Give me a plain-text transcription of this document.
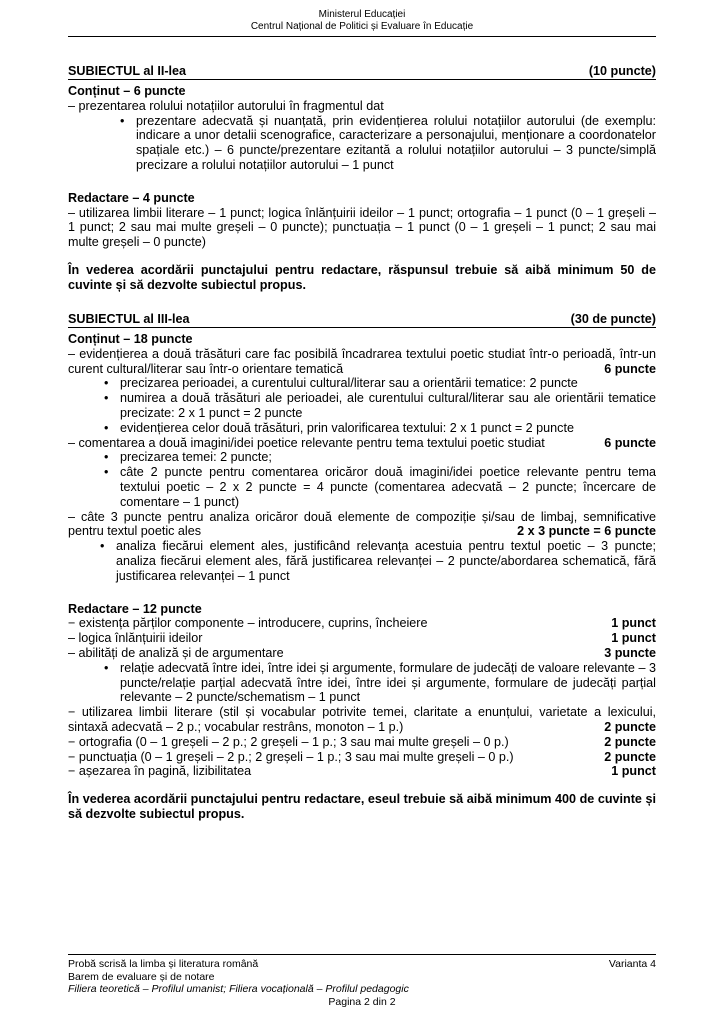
Ministerul Educației
Centrul Național de Politici și Evaluare în Educație
SUBIECTUL al II-lea	(10 puncte)
Conținut – 6 puncte
– prezentarea rolului notațiilor autorului în fragmentul dat
• prezentare adecvată și nuanțată, prin evidențierea rolului notațiilor autorului (de exemplu: indicare a unor detalii scenografice, caracterizare a personajului, menționare a coordonatelor spațiale etc.) – 6 puncte/prezentare ezitantă a rolului notațiilor autorului – 3 puncte/simplă precizare a rolului notațiilor autorului – 1 punct
Redactare – 4 puncte
– utilizarea limbii literare – 1 punct; logica înlănțuirii ideilor – 1 punct; ortografia – 1 punct (0 – 1 greșeli – 1 punct; 2 sau mai multe greșeli – 0 puncte); punctuația – 1 punct (0 – 1 greșeli – 1 punct; 2 sau mai multe greșeli – 0 puncte)
În vederea acordării punctajului pentru redactare, răspunsul trebuie să aibă minimum 50 de cuvinte și să dezvolte subiectul propus.
SUBIECTUL al III-lea	(30 de puncte)
Conținut – 18 puncte
– evidențierea a două trăsături care fac posibilă încadrarea textului poetic studiat într-o perioadă, într-un curent cultural/literar sau într-o orientare tematică	6 puncte
• precizarea perioadei, a curentului cultural/literar sau a orientării tematice: 2 puncte
• numirea a două trăsături ale perioadei, ale curentului cultural/literar sau ale orientării tematice precizate: 2 x 1 punct = 2 puncte
• evidențierea celor două trăsături, prin valorificarea textului: 2 x 1 punct = 2 puncte
– comentarea a două imagini/idei poetice relevante pentru tema textului poetic studiat	6 puncte
• precizarea temei: 2 puncte;
• câte 2 puncte pentru comentarea oricăror două imagini/idei poetice relevante pentru tema textului poetic – 2 x 2 puncte = 4 puncte (comentarea adecvată – 2 puncte; încercare de comentare – 1 punct)
– câte 3 puncte pentru analiza oricăror două elemente de compoziție și/sau de limbaj, semnificative pentru textul poetic ales	2 x 3 puncte = 6 puncte
• analiza fiecărui element ales, justificând relevanța acestuia pentru textul poetic – 3 puncte; analiza fiecărui element ales, fără justificarea relevanței – 2 puncte/abordarea schematică, fără justificarea relevanței – 1 punct
Redactare – 12 puncte
− existența părților componente – introducere, cuprins, încheiere	1 punct
– logica înlănțuirii ideilor	1 punct
– abilități de analiză și de argumentare	3 puncte
• relație adecvată între idei, între idei și argumente, formulare de judecăți de valoare relevante – 3 puncte/relație parțial adecvată între idei, între idei și argumente, formulare de judecăți parțial relevante – 2 puncte/schematism – 1 punct
− utilizarea limbii literare (stil și vocabular potrivite temei, claritate a enunțului, varietate a lexicului, sintaxă adecvată – 2 p.; vocabular restrâns, monoton – 1 p.)	2 puncte
− ortografia (0 – 1 greșeli – 2 p.; 2 greșeli – 1 p.; 3 sau mai multe greșeli – 0 p.)	2 puncte
− punctuația (0 – 1 greșeli – 2 p.; 2 greșeli – 1 p.; 3 sau mai multe greșeli – 0 p.)	2 puncte
− așezarea în pagină, lizibilitatea	1 punct
În vederea acordării punctajului pentru redactare, eseul trebuie să aibă minimum 400 de cuvinte și să dezvolte subiectul propus.
Probă scrisă la limba și literatura română	Varianta 4
Barem de evaluare și de notare
Filiera teoretică – Profilul umanist; Filiera vocațională – Profilul pedagogic
Pagina 2 din 2
